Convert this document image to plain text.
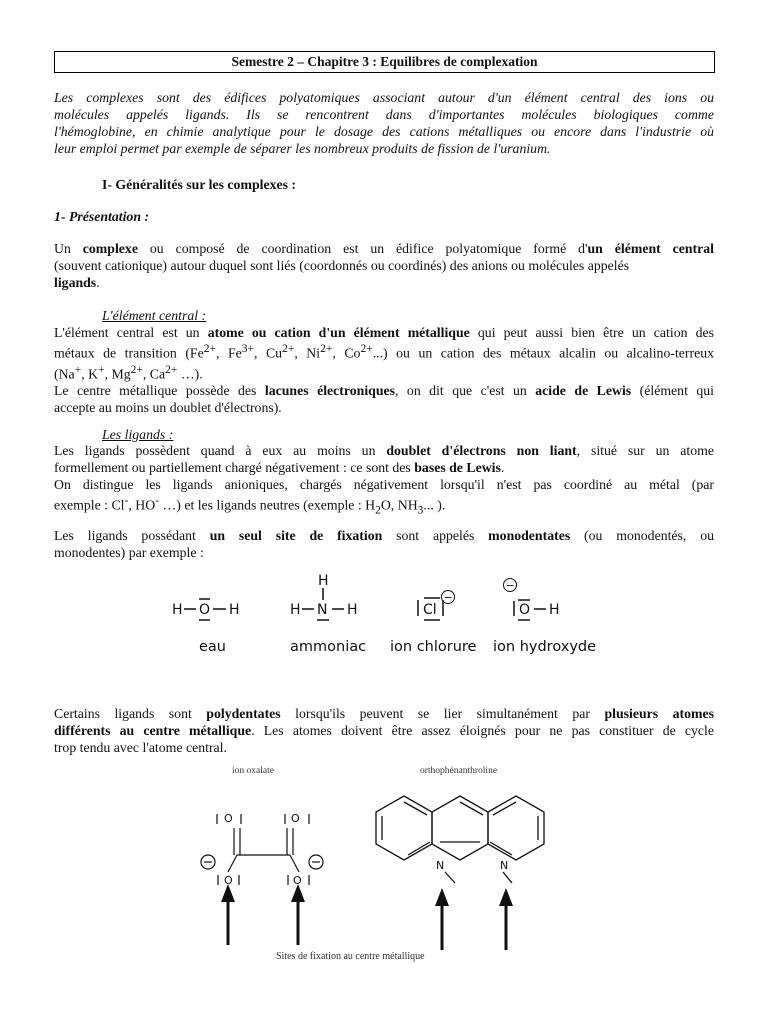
Semestre 2 – Chapitre 3 : Equilibres de complexation
Les complexes sont des édifices polyatomiques associant autour d'un élément central des ions ou
molécules appelés ligands. Ils se rencontrent dans d'importantes molécules biologiques comme
l'hémoglobine, en chimie analytique pour le dosage des cations métalliques ou encore dans l'industrie où
leur emploi permet par exemple de séparer les nombreux produits de fission de l'uranium.
I- Généralités sur les complexes :
1- Présentation :
Un complexe ou composé de coordination est un édifice polyatomique formé d'un élément central
(souvent cationique) autour duquel sont liés (coordonnés ou coordinés) des anions ou molécules appelés
ligands.
L'élément central :
L'élément central est un atome ou cation d'un élément métallique qui peut aussi bien être un cation des
métaux de transition ($Fe^{2+}$, $Fe^{3+}$, $Cu^{2+}$, $Ni^{2+}$, $Co^{2+}$...) ou un cation des métaux alcalin ou alcalino-terreux
(Na+, K+, $Mg^{2+}$, $Ca^{2+}$ …).
Le centre métallique possède des lacunes électroniques, on dit que c'est un acide de Lewis (élément qui
accepte au moins un doublet d'électrons).
Les ligands :
Les ligands possèdent quand à eux au moins un doublet d'électrons non liant, situé sur un atome
formellement ou partiellement chargé négativement : ce sont des bases de Lewis.
On distingue les ligands anioniques, chargés négativement lorsqu'il n'est pas coordiné au métal (par
exemple : Cl-, HO- …) et les ligands neutres (exemple : $H_2O$, $NH_3$... ).
Les ligands possédant un seul site de fixation sont appelés monodentates (ou monodentés, ou
monodentes) par exemple :
H O H
H
H N H	Cl
−
−
O H
eau	ammoniac ion chlorure ion hydroxyde
Certains ligands sont polydentates lorsqu'ils peuvent se lier simultanément par plusieurs atomes
différents au centre métallique. Les atomes doivent être assez éloignés pour ne pas constituer de cycle
trop tendu avec l'atome central.
ion oxalate	orthophénanthroline
O	O
O	O
N	N
Sites de fixation au centre métallique
